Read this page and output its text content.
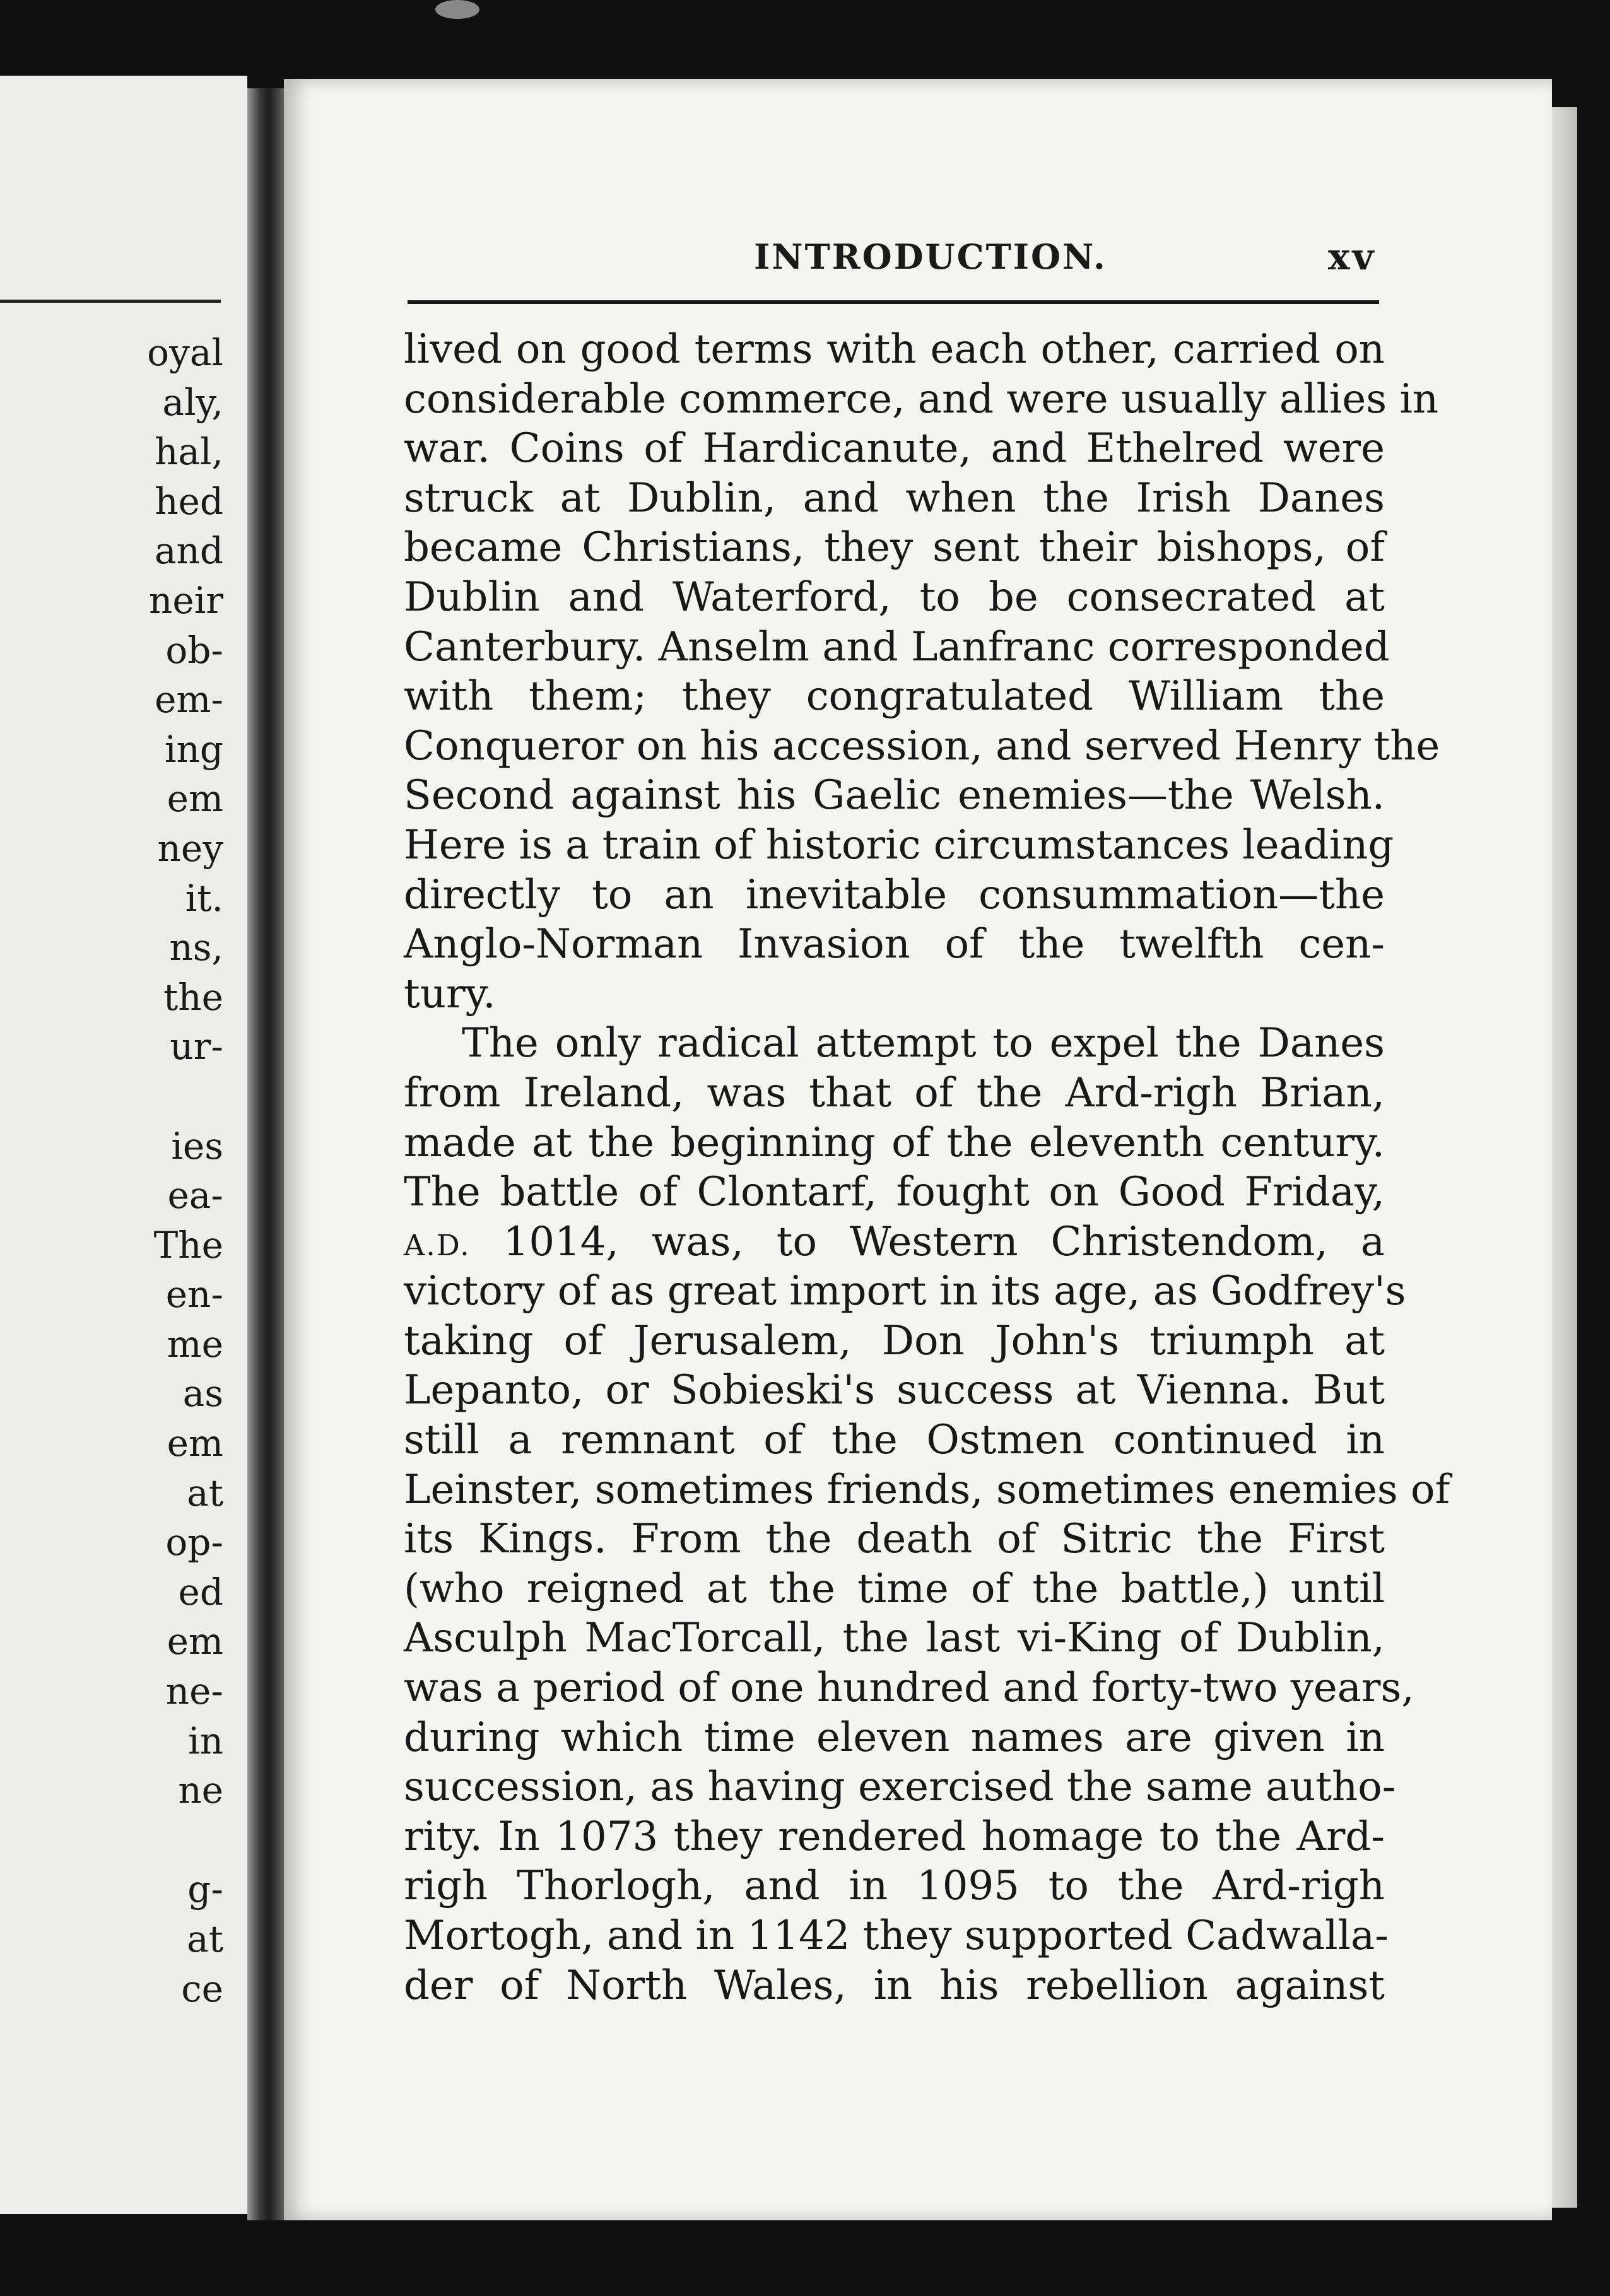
oyal
aly,
hal,
hed
and
neir
ob-
em-
ing
em
ney
it.
ns,
the
ur-
ies
ea-
The
en-
me
as
em
at
op-
ed
em
ne-
in
ne
g-
at
ce
INTRODUCTION.	xv
lived on good terms with each other, carried on
considerable commerce, and were usually allies in
war. Coins of Hardicanute, and Ethelred were
struck at Dublin, and when the Irish Danes
became Christians, they sent their bishops, of
Dublin and Waterford, to be consecrated at
Canterbury. Anselm and Lanfranc corresponded
with them; they congratulated William the
Conqueror on his accession, and served Henry the
Second against his Gaelic enemies—the Welsh.
Here is a train of historic circumstances leading
directly to an inevitable consummation—the
Anglo-Norman Invasion of the twelfth cen-
tury.
The only radical attempt to expel the Danes
from Ireland, was that of the Ard-righ Brian,
made at the beginning of the eleventh century.
The battle of Clontarf, fought on Good Friday,
A.D. 1014, was, to Western Christendom, a
victory of as great import in its age, as Godfrey's
taking of Jerusalem, Don John's triumph at
Lepanto, or Sobieski's success at Vienna. But
still a remnant of the Ostmen continued in
Leinster, sometimes friends, sometimes enemies of
its Kings. From the death of Sitric the First
(who reigned at the time of the battle,) until
Asculph MacTorcall, the last vi-King of Dublin,
was a period of one hundred and forty-two years,
during which time eleven names are given in
succession, as having exercised the same autho-
rity. In 1073 they rendered homage to the Ard-
righ Thorlogh, and in 1095 to the Ard-righ
Mortogh, and in 1142 they supported Cadwalla-
der of North Wales, in his rebellion against
